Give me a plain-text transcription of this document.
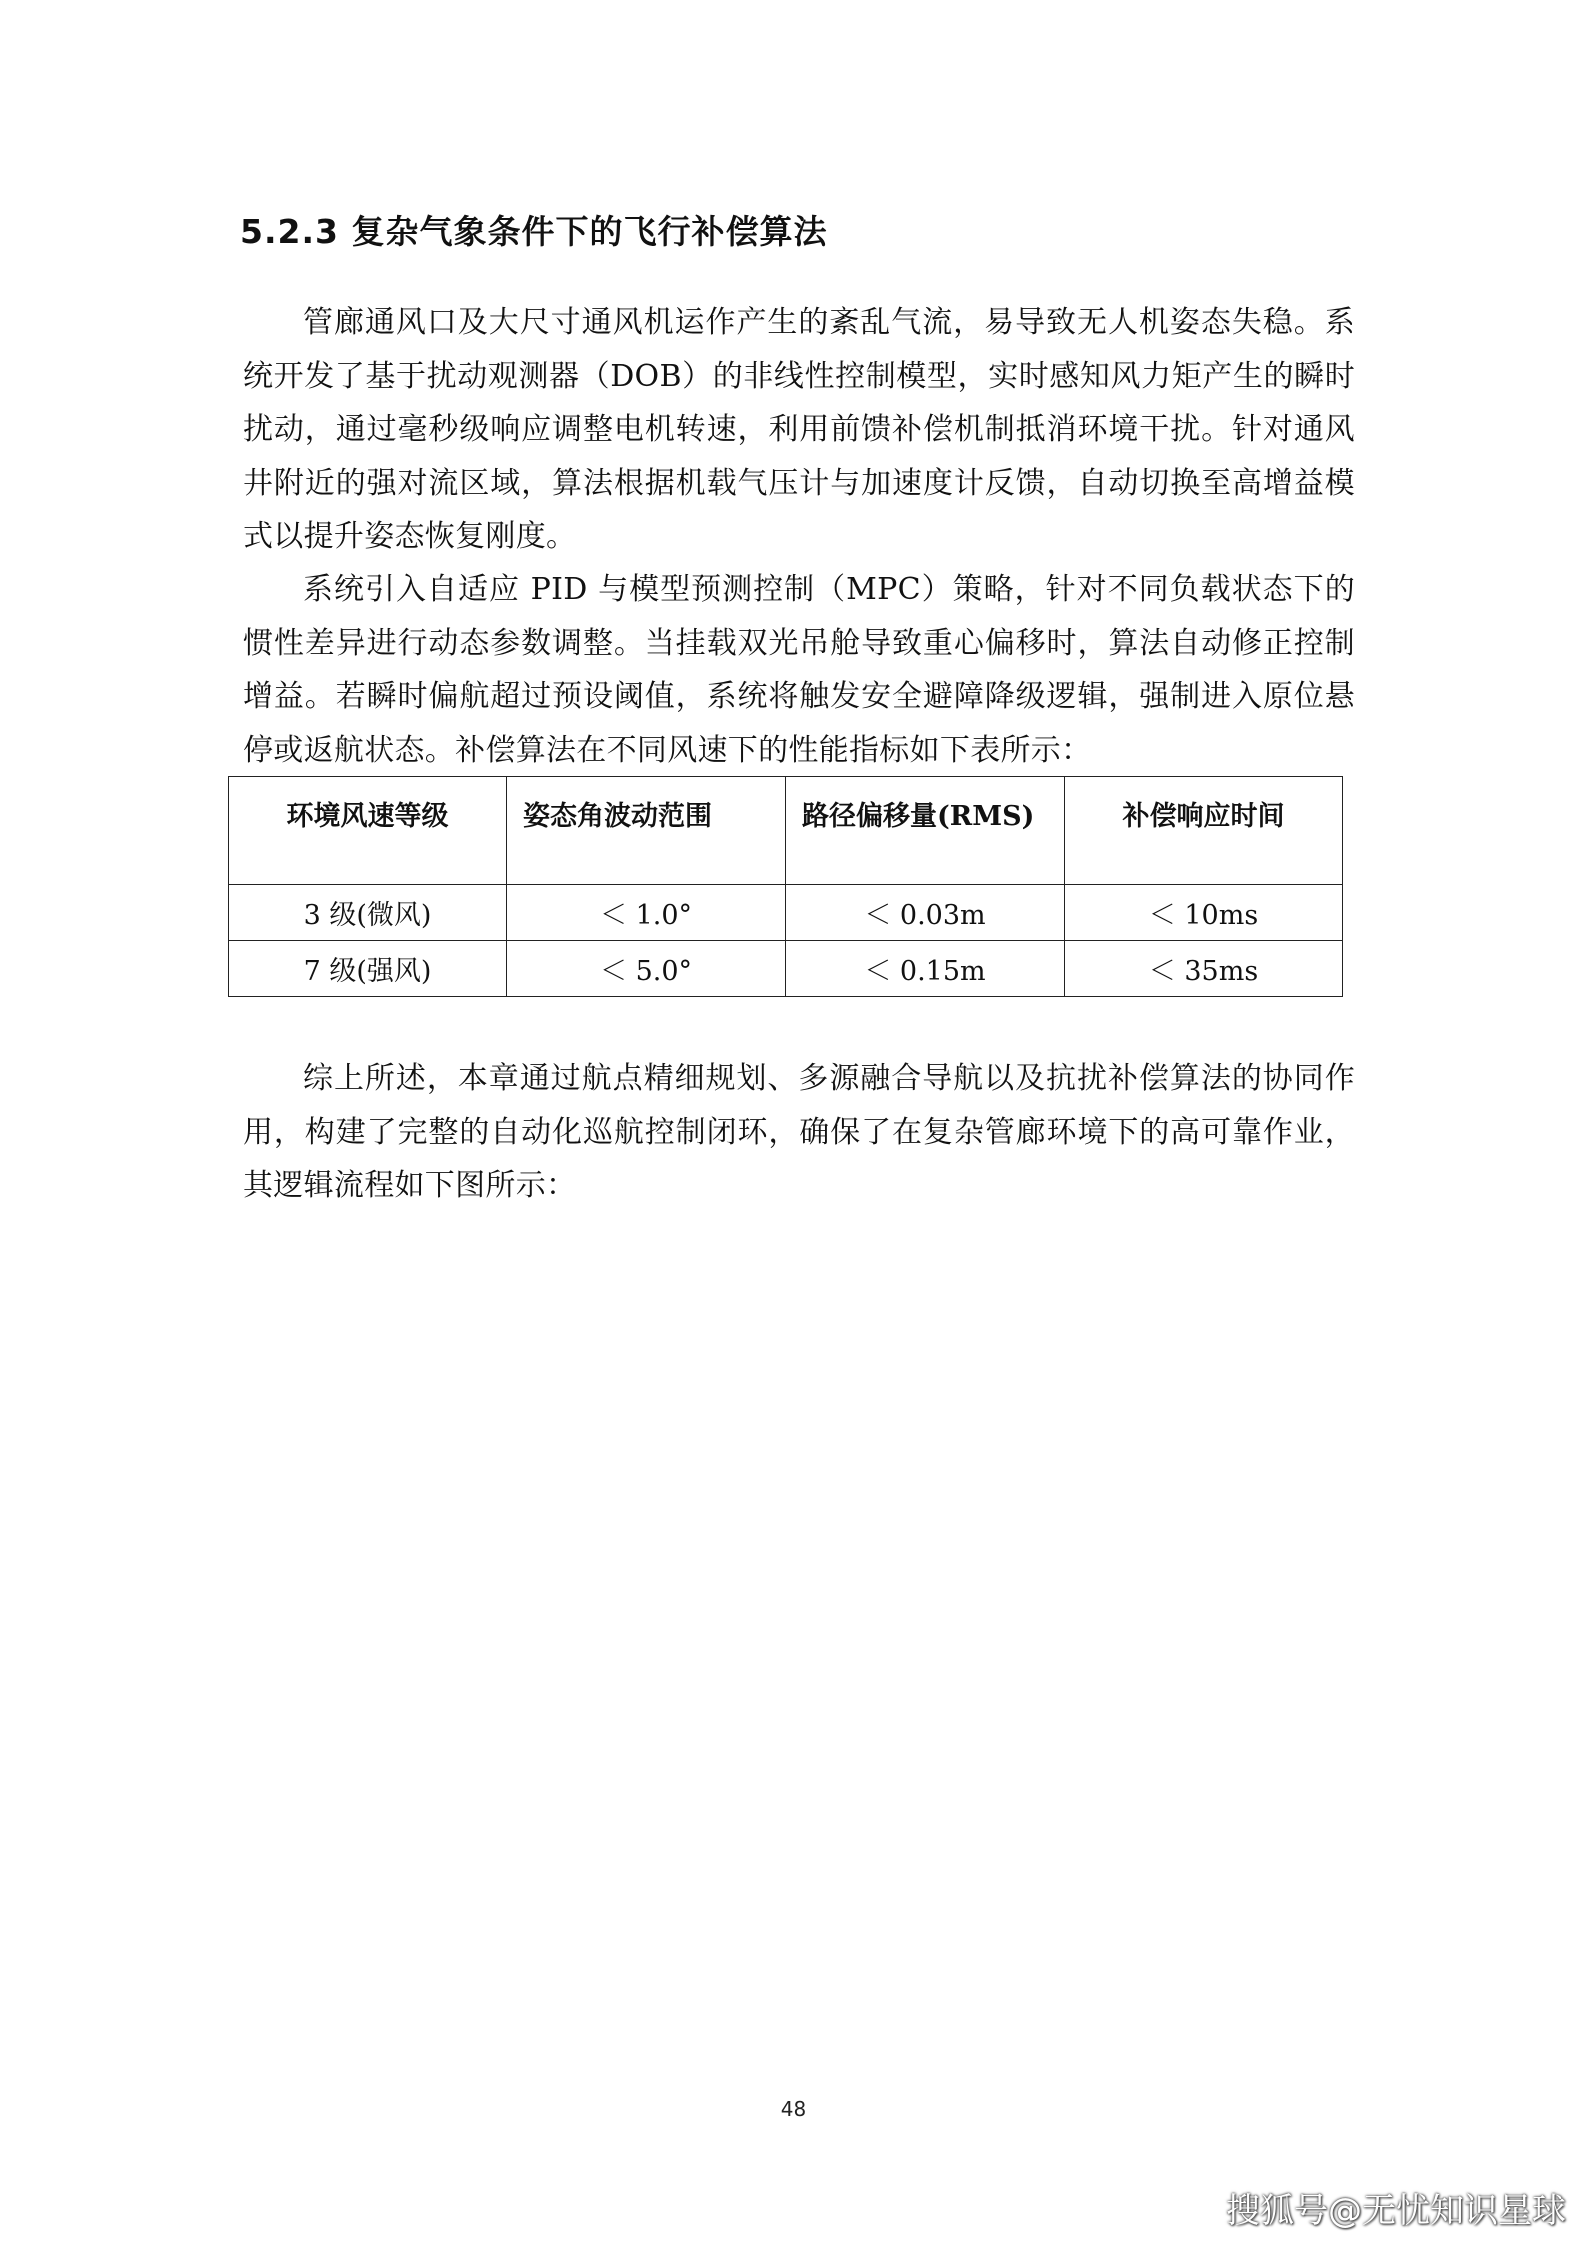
5.2.3 复杂气象条件下的飞行补偿算法

管廊通风口及大尺寸通风机运作产生的紊乱气流，易导致无人机姿态失稳。系统开发了基于扰动观测器（DOB）的非线性控制模型，实时感知风力矩产生的瞬时扰动，通过毫秒级响应调整电机转速，利用前馈补偿机制抵消环境干扰。针对通风井附近的强对流区域，算法根据机载气压计与加速度计反馈，自动切换至高增益模式以提升姿态恢复刚度。

系统引入自适应 PID 与模型预测控制（MPC）策略，针对不同负载状态下的惯性差异进行动态参数调整。当挂载双光吊舱导致重心偏移时，算法自动修正控制增益。若瞬时偏航超过预设阈值，系统将触发安全避障降级逻辑，强制进入原位悬停或返航状态。补偿算法在不同风速下的性能指标如下表所示：

环境风速等级	姿态角波动范围	路径偏移量(RMS)	补偿响应时间

3 级(微风)	＜ 1.0°	＜ 0.03m	＜ 10ms
7 级(强风)	＜ 5.0°	＜ 0.15m	＜ 35ms

综上所述，本章通过航点精细规划、多源融合导航以及抗扰补偿算法的协同作用，构建了完整的自动化巡航控制闭环，确保了在复杂管廊环境下的高可靠作业，其逻辑流程如下图所示：

48
搜狐号@无忧知识星球
